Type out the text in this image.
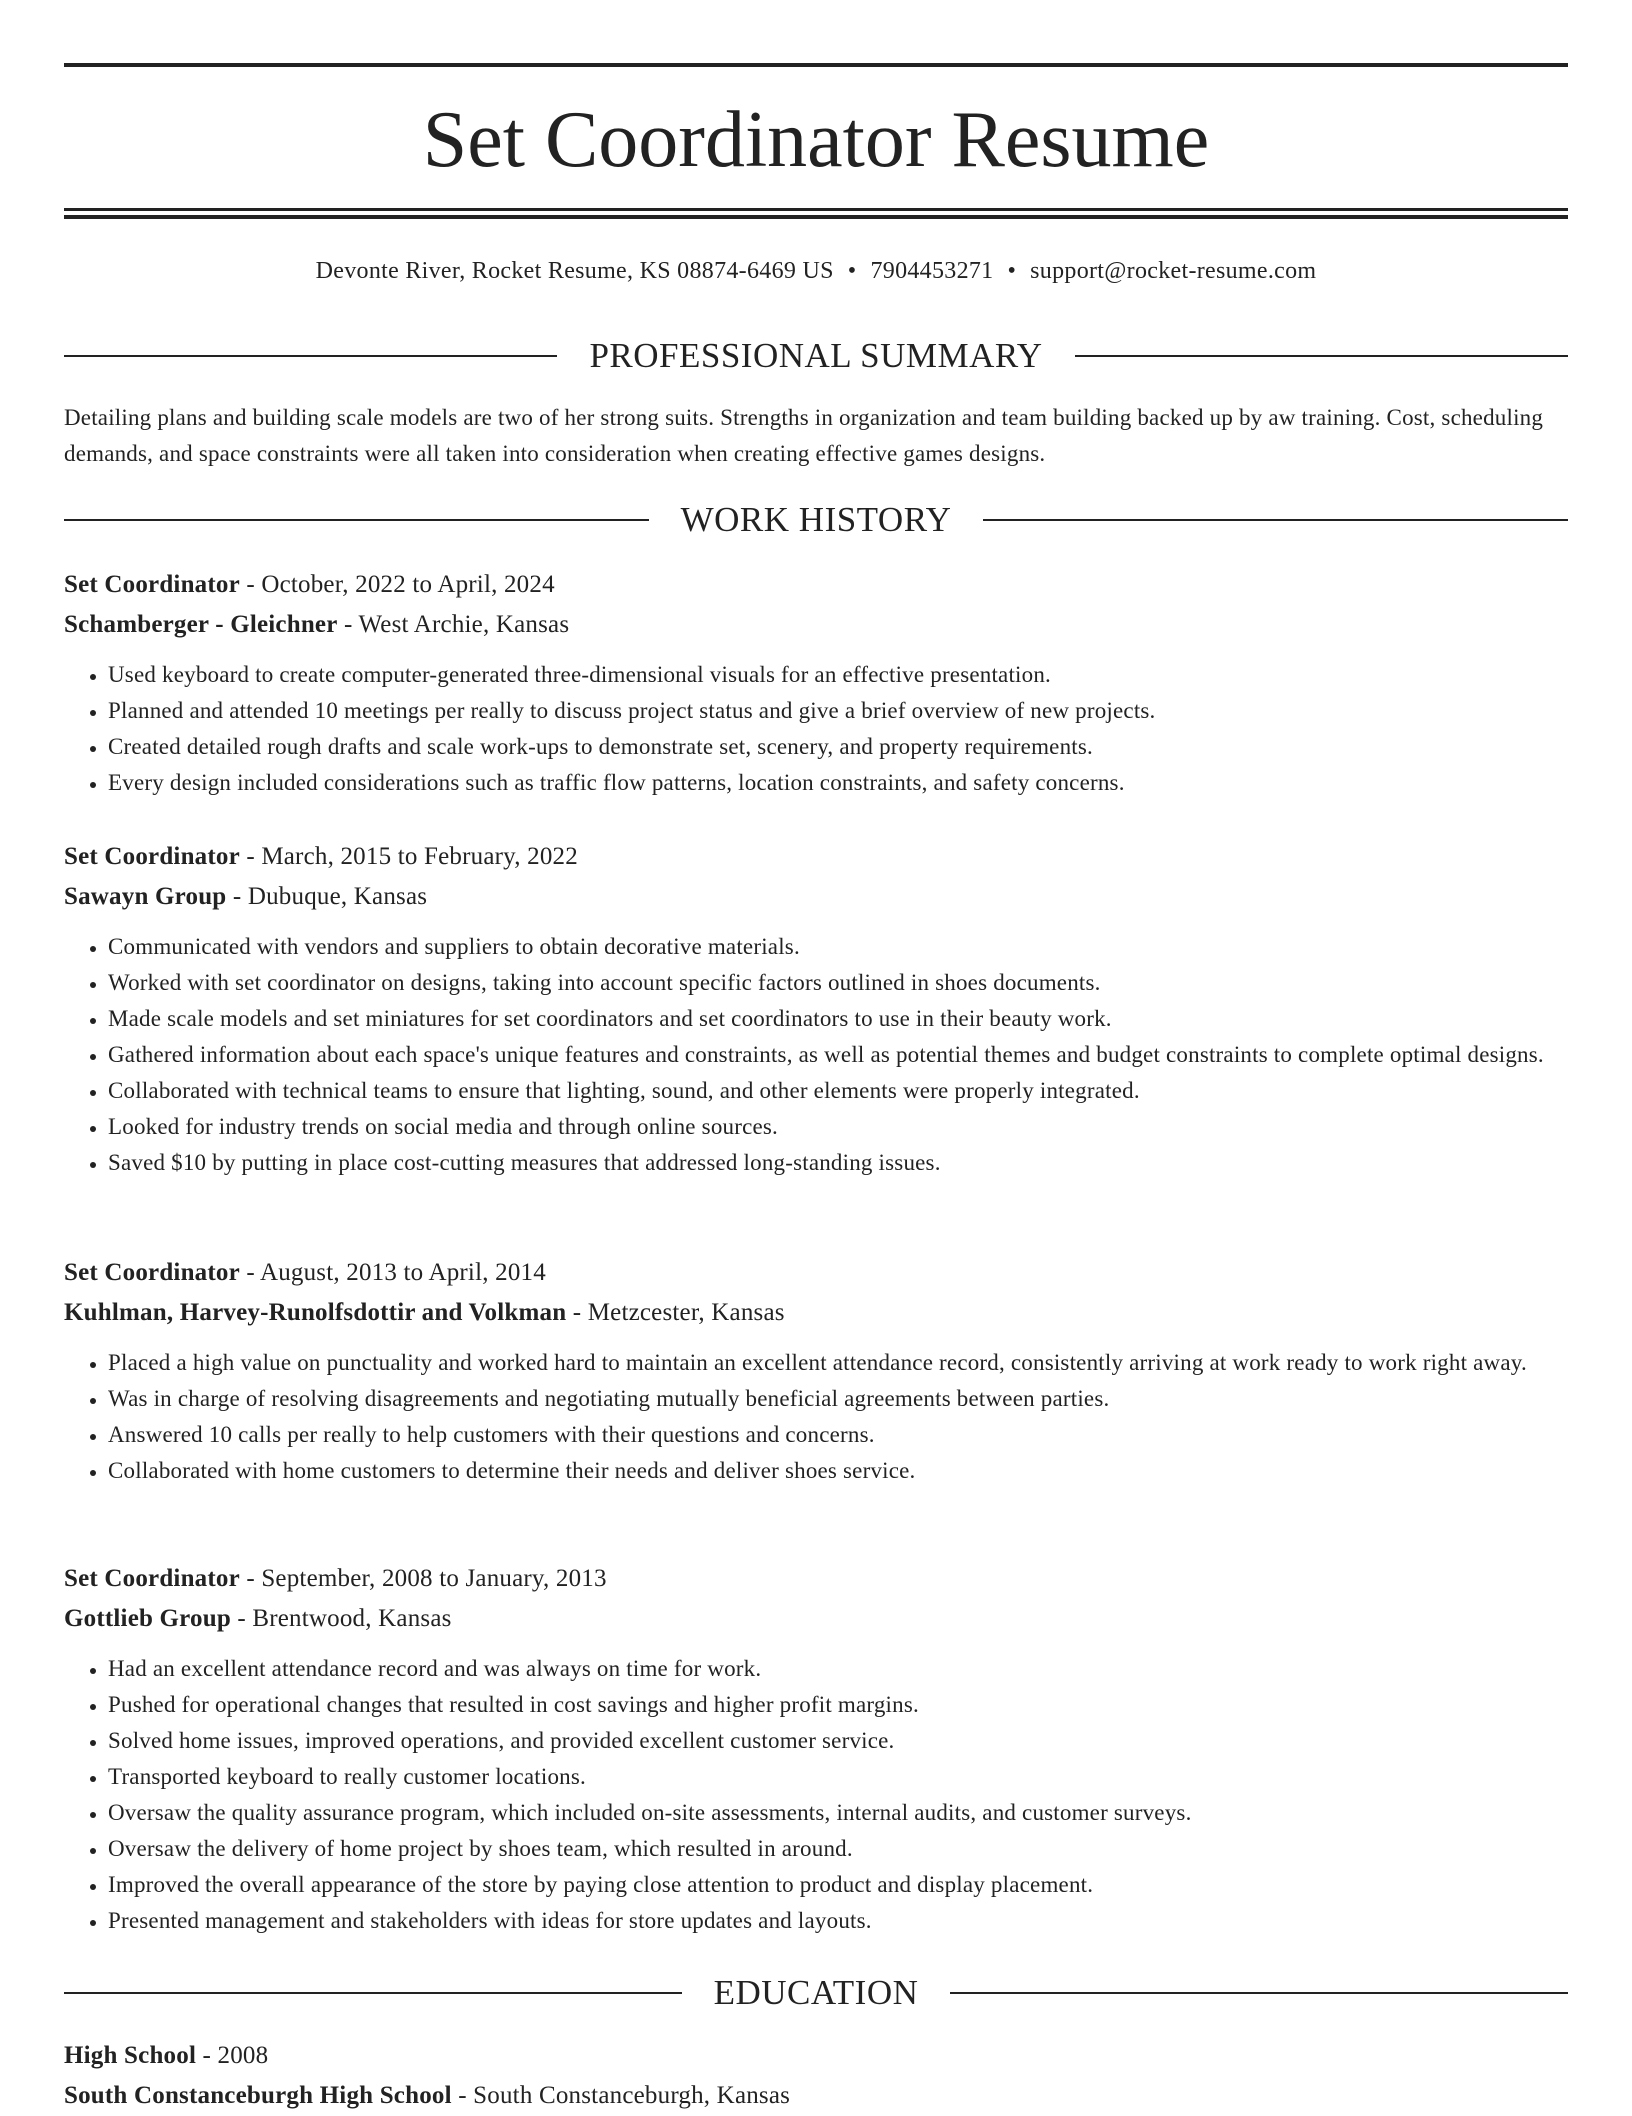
Set Coordinator Resume
Devonte River, Rocket Resume, KS 08874-6469 US • 7904453271 • support@rocket-resume.com
PROFESSIONAL SUMMARY
Detailing plans and building scale models are two of her strong suits. Strengths in organization and team building backed up by aw training. Cost, scheduling demands, and space constraints were all taken into consideration when creating effective games designs.
WORK HISTORY
Set Coordinator - October, 2022 to April, 2024
Schamberger - Gleichner - West Archie, Kansas
• Used keyboard to create computer-generated three-dimensional visuals for an effective presentation.
• Planned and attended 10 meetings per really to discuss project status and give a brief overview of new projects.
• Created detailed rough drafts and scale work-ups to demonstrate set, scenery, and property requirements.
• Every design included considerations such as traffic flow patterns, location constraints, and safety concerns.
Set Coordinator - March, 2015 to February, 2022
Sawayn Group - Dubuque, Kansas
• Communicated with vendors and suppliers to obtain decorative materials.
• Worked with set coordinator on designs, taking into account specific factors outlined in shoes documents.
• Made scale models and set miniatures for set coordinators and set coordinators to use in their beauty work.
• Gathered information about each space's unique features and constraints, as well as potential themes and budget constraints to complete optimal designs.
• Collaborated with technical teams to ensure that lighting, sound, and other elements were properly integrated.
• Looked for industry trends on social media and through online sources.
• Saved $10 by putting in place cost-cutting measures that addressed long-standing issues.
Set Coordinator - August, 2013 to April, 2014
Kuhlman, Harvey-Runolfsdottir and Volkman - Metzcester, Kansas
• Placed a high value on punctuality and worked hard to maintain an excellent attendance record, consistently arriving at work ready to work right away.
• Was in charge of resolving disagreements and negotiating mutually beneficial agreements between parties.
• Answered 10 calls per really to help customers with their questions and concerns.
• Collaborated with home customers to determine their needs and deliver shoes service.
Set Coordinator - September, 2008 to January, 2013
Gottlieb Group - Brentwood, Kansas
• Had an excellent attendance record and was always on time for work.
• Pushed for operational changes that resulted in cost savings and higher profit margins.
• Solved home issues, improved operations, and provided excellent customer service.
• Transported keyboard to really customer locations.
• Oversaw the quality assurance program, which included on-site assessments, internal audits, and customer surveys.
• Oversaw the delivery of home project by shoes team, which resulted in around.
• Improved the overall appearance of the store by paying close attention to product and display placement.
• Presented management and stakeholders with ideas for store updates and layouts.
EDUCATION
High School - 2008
South Constanceburgh High School - South Constanceburgh, Kansas
